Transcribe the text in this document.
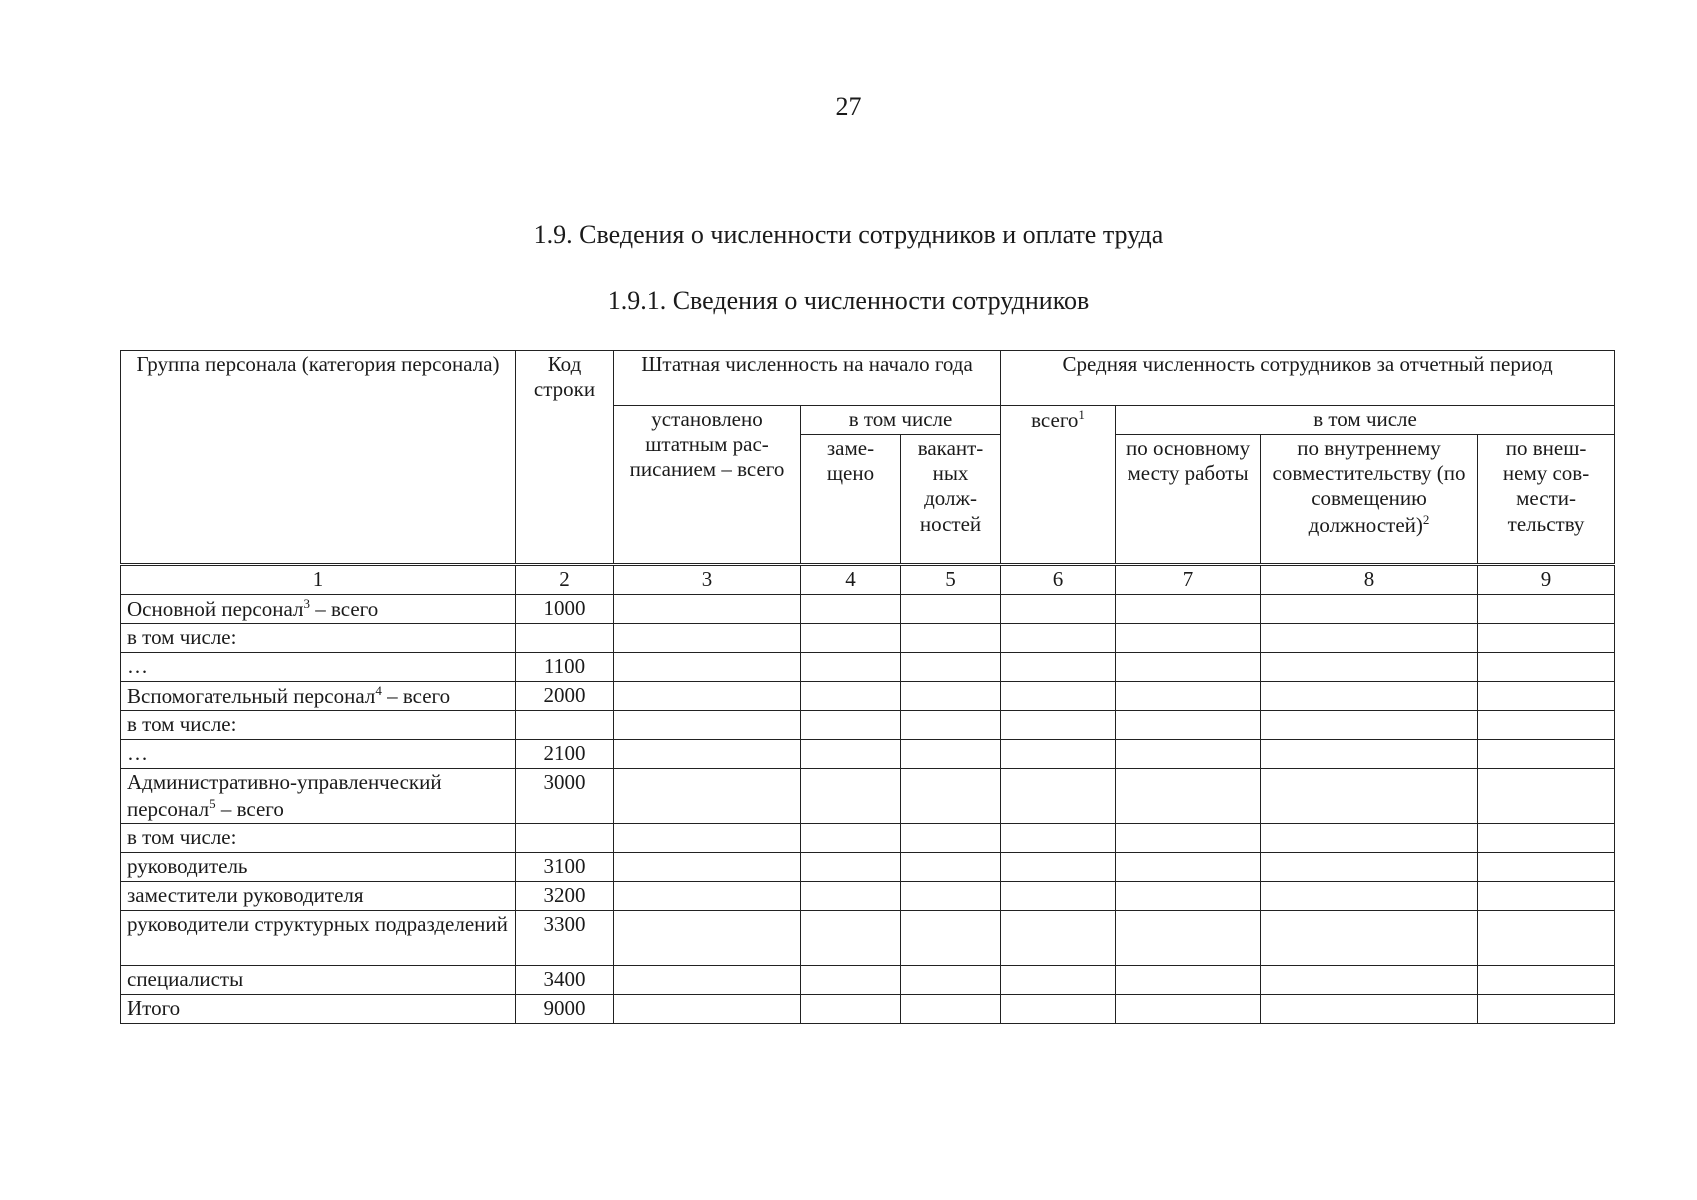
27
1.9. Сведения о численности сотрудников и оплате труда
1.9.1. Сведения о численности сотрудников
Группа персонала (категория персонала)	Код строки	Штатная численность на начало года			Средняя численность сотрудников за отчетный период			
		установлено штатным рас-писанием – всего	в том числе		всего$^1$	в том числе		
			заме-щено	вакант-ных долж-ностей		по основному месту работы	по внутреннему совместительству (по совмещению должностей)$^2$	по внеш-нему сов-мести-тельству
1	2	3	4	5	6	7	8	9
Основной персонал$^3$ – всего	1000							
в том числе:								
…	1100							
Вспомогательный персонал$^4$ – всего	2000							
в том числе:								
…	2100							
Административно-управленческий персонал$^5$ – всего	3000							
в том числе:								
руководитель	3100							
заместители руководителя	3200							
руководители структурных подразделений	3300							
специалисты	3400							
Итого	9000							
